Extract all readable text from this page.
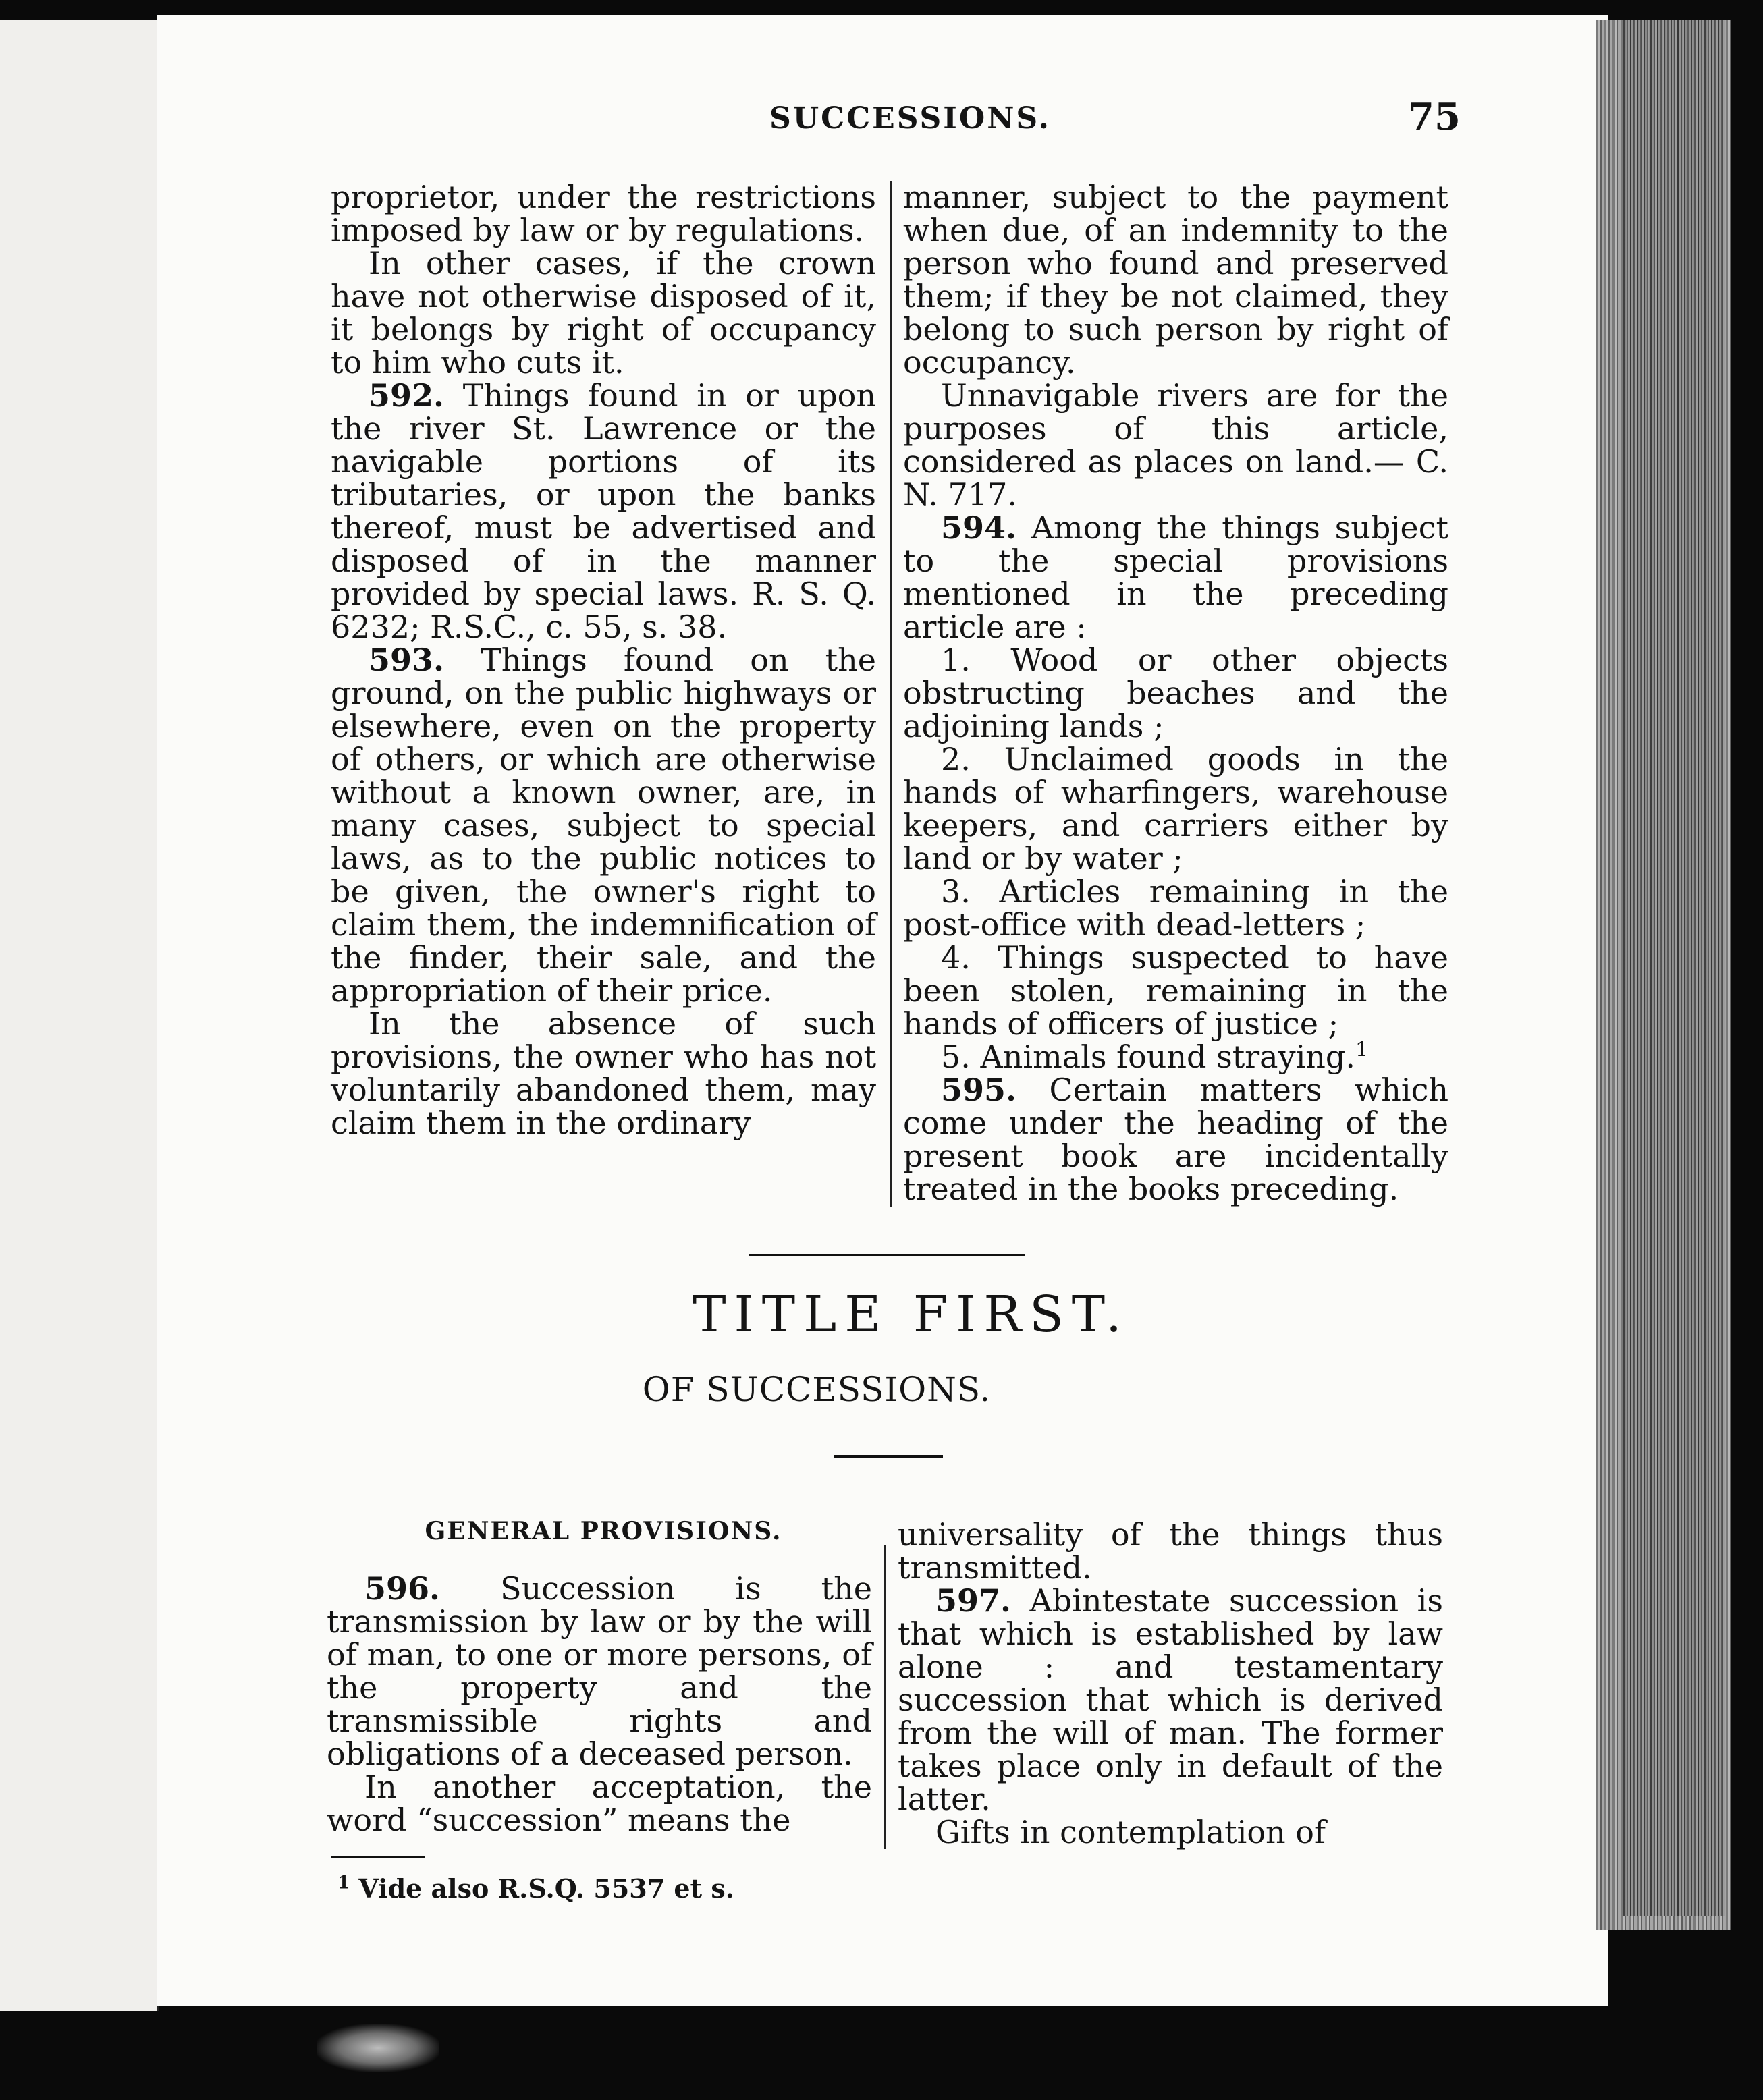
SUCCESSIONS.	75

proprietor, under the restrictions imposed by law or by regulations.

In other cases, if the crown have not otherwise disposed of it, it belongs by right of occupancy to him who cuts it.

592. Things found in or upon the river St. Lawrence or the navigable portions of its tributaries, or upon the banks thereof, must be advertised and disposed of in the manner provided by special laws. R. S. Q. 6232; R.S.C., c. 55, s. 38.

593. Things found on the ground, on the public highways or elsewhere, even on the property of others, or which are otherwise without a known owner, are, in many cases, subject to special laws, as to the public notices to be given, the owner's right to claim them, the indemnification of the finder, their sale, and the appropriation of their price.

In the absence of such provisions, the owner who has not voluntarily abandoned them, may claim them in the ordinary

manner, subject to the payment when due, of an indemnity to the person who found and preserved them; if they be not claimed, they belong to such person by right of occupancy.

Unnavigable rivers are for the purposes of this article, considered as places on land.— C. N. 717.

594. Among the things subject to the special provisions mentioned in the preceding article are :

1. Wood or other objects obstructing beaches and the adjoining lands ;

2. Unclaimed goods in the hands of wharfingers, warehouse keepers, and carriers either by land or by water ;

3. Articles remaining in the post-office with dead-letters ;

4. Things suspected to have been stolen, remaining in the hands of officers of justice ;

5. Animals found straying.$^1$

595. Certain matters which come under the heading of the present book are incidentally treated in the books preceding.

TITLE FIRST.
OF SUCCESSIONS.
GENERAL PROVISIONS.

596. Succession is the transmission by law or by the will of man, to one or more persons, of the property and the transmissible rights and obligations of a deceased person.

In another acceptation, the word “succession” means the

universality of the things thus transmitted.

597. Abintestate succession is that which is established by law alone : and testamentary succession that which is derived from the will of man. The former takes place only in default of the latter.

Gifts in contemplation of

$^1$ Vide also R.S.Q. 5537 et s.
